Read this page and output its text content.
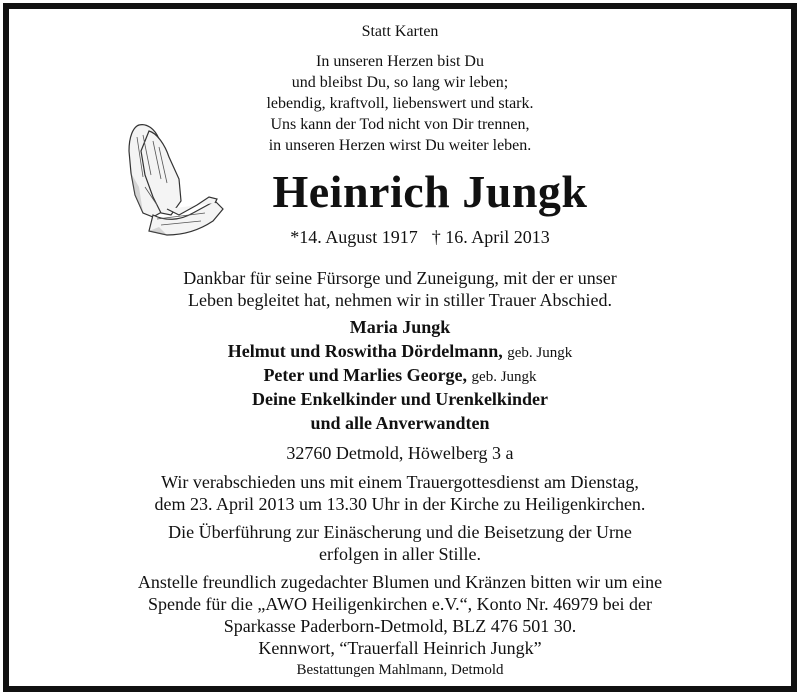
Statt Karten
In unseren Herzen bist Du
und bleibst Du, so lang wir leben;
lebendig, kraftvoll, liebenswert und stark.
Uns kann der Tod nicht von Dir trennen,
in unseren Herzen wirst Du weiter leben.
Heinrich Jungk
*14. August 1917 † 16. April 2013
Dankbar für seine Fürsorge und Zuneigung, mit der er unser
Leben begleitet hat, nehmen wir in stiller Trauer Abschied.
Maria Jungk
Helmut und Roswitha Dördelmann, geb. Jungk
Peter und Marlies George, geb. Jungk
Deine Enkelkinder und Urenkelkinder
und alle Anverwandten
32760 Detmold, Höwelberg 3 a
Wir verabschieden uns mit einem Trauergottesdienst am Dienstag,
dem 23. April 2013 um 13.30 Uhr in der Kirche zu Heiligenkirchen.
Die Überführung zur Einäscherung und die Beisetzung der Urne
erfolgen in aller Stille.
Anstelle freundlich zugedachter Blumen und Kränzen bitten wir um eine
Spende für die „AWO Heiligenkirchen e.V.“, Konto Nr. 46979 bei der
Sparkasse Paderborn-Detmold, BLZ 476 501 30.
Kennwort, “Trauerfall Heinrich Jungk”
Bestattungen Mahlmann, Detmold
